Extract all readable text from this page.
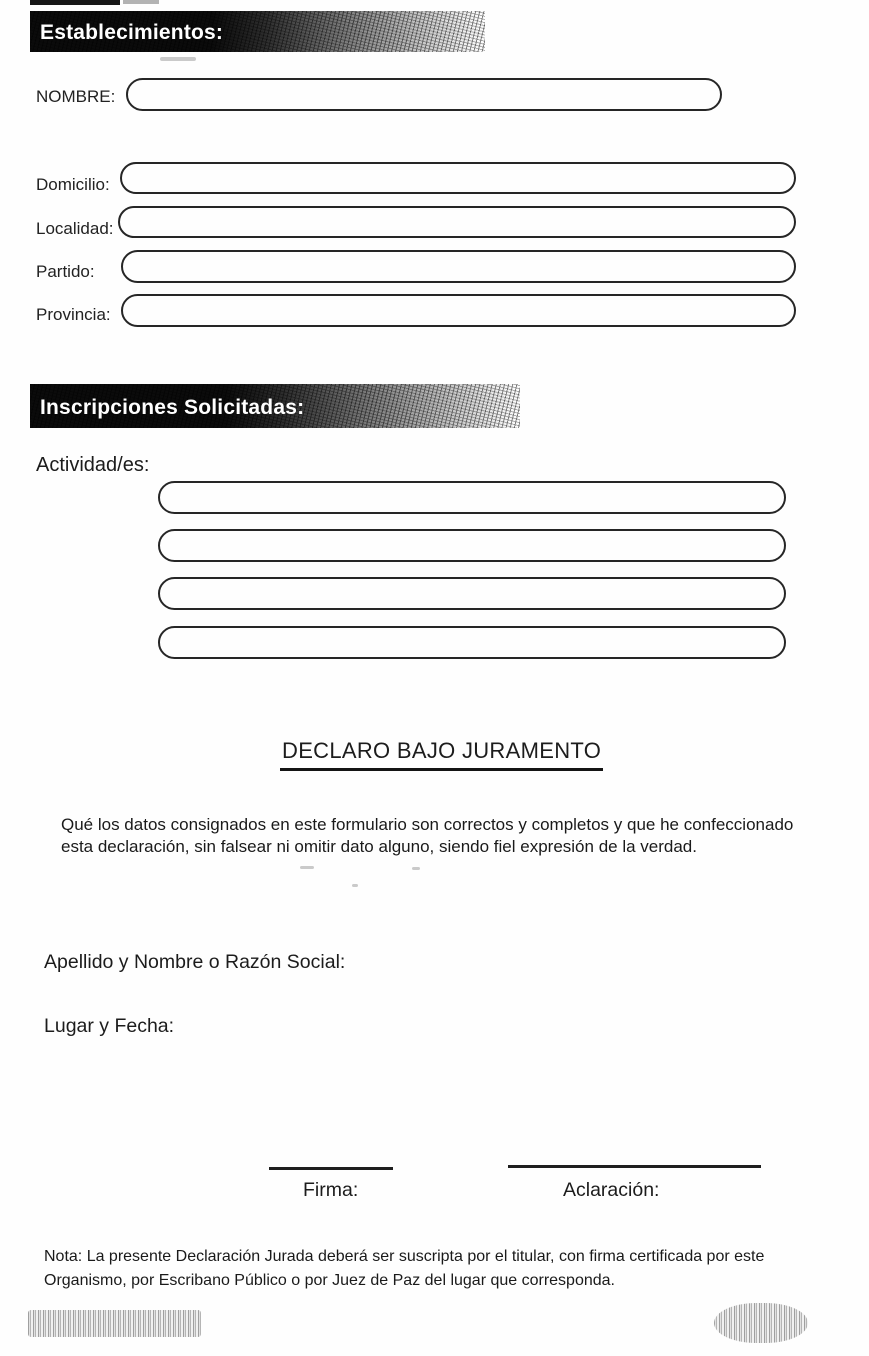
Establecimientos:
NOMBRE:
Domicilio:
Localidad:
Partido:
Provincia:
Inscripciones Solicitadas:
Actividad/es:
DECLARO BAJO JURAMENTO
Qué los datos consignados en este formulario son correctos y completos y que he confeccionado
esta declaración, sin falsear ni omitir dato alguno, siendo fiel expresión de la verdad.
Apellido y Nombre o Razón Social:
Lugar y Fecha:
Firma:	Aclaración:
Nota: La presente Declaración Jurada deberá ser suscripta por el titular, con firma certificada por este
Organismo, por Escribano Público o por Juez de Paz del lugar que corresponda.
